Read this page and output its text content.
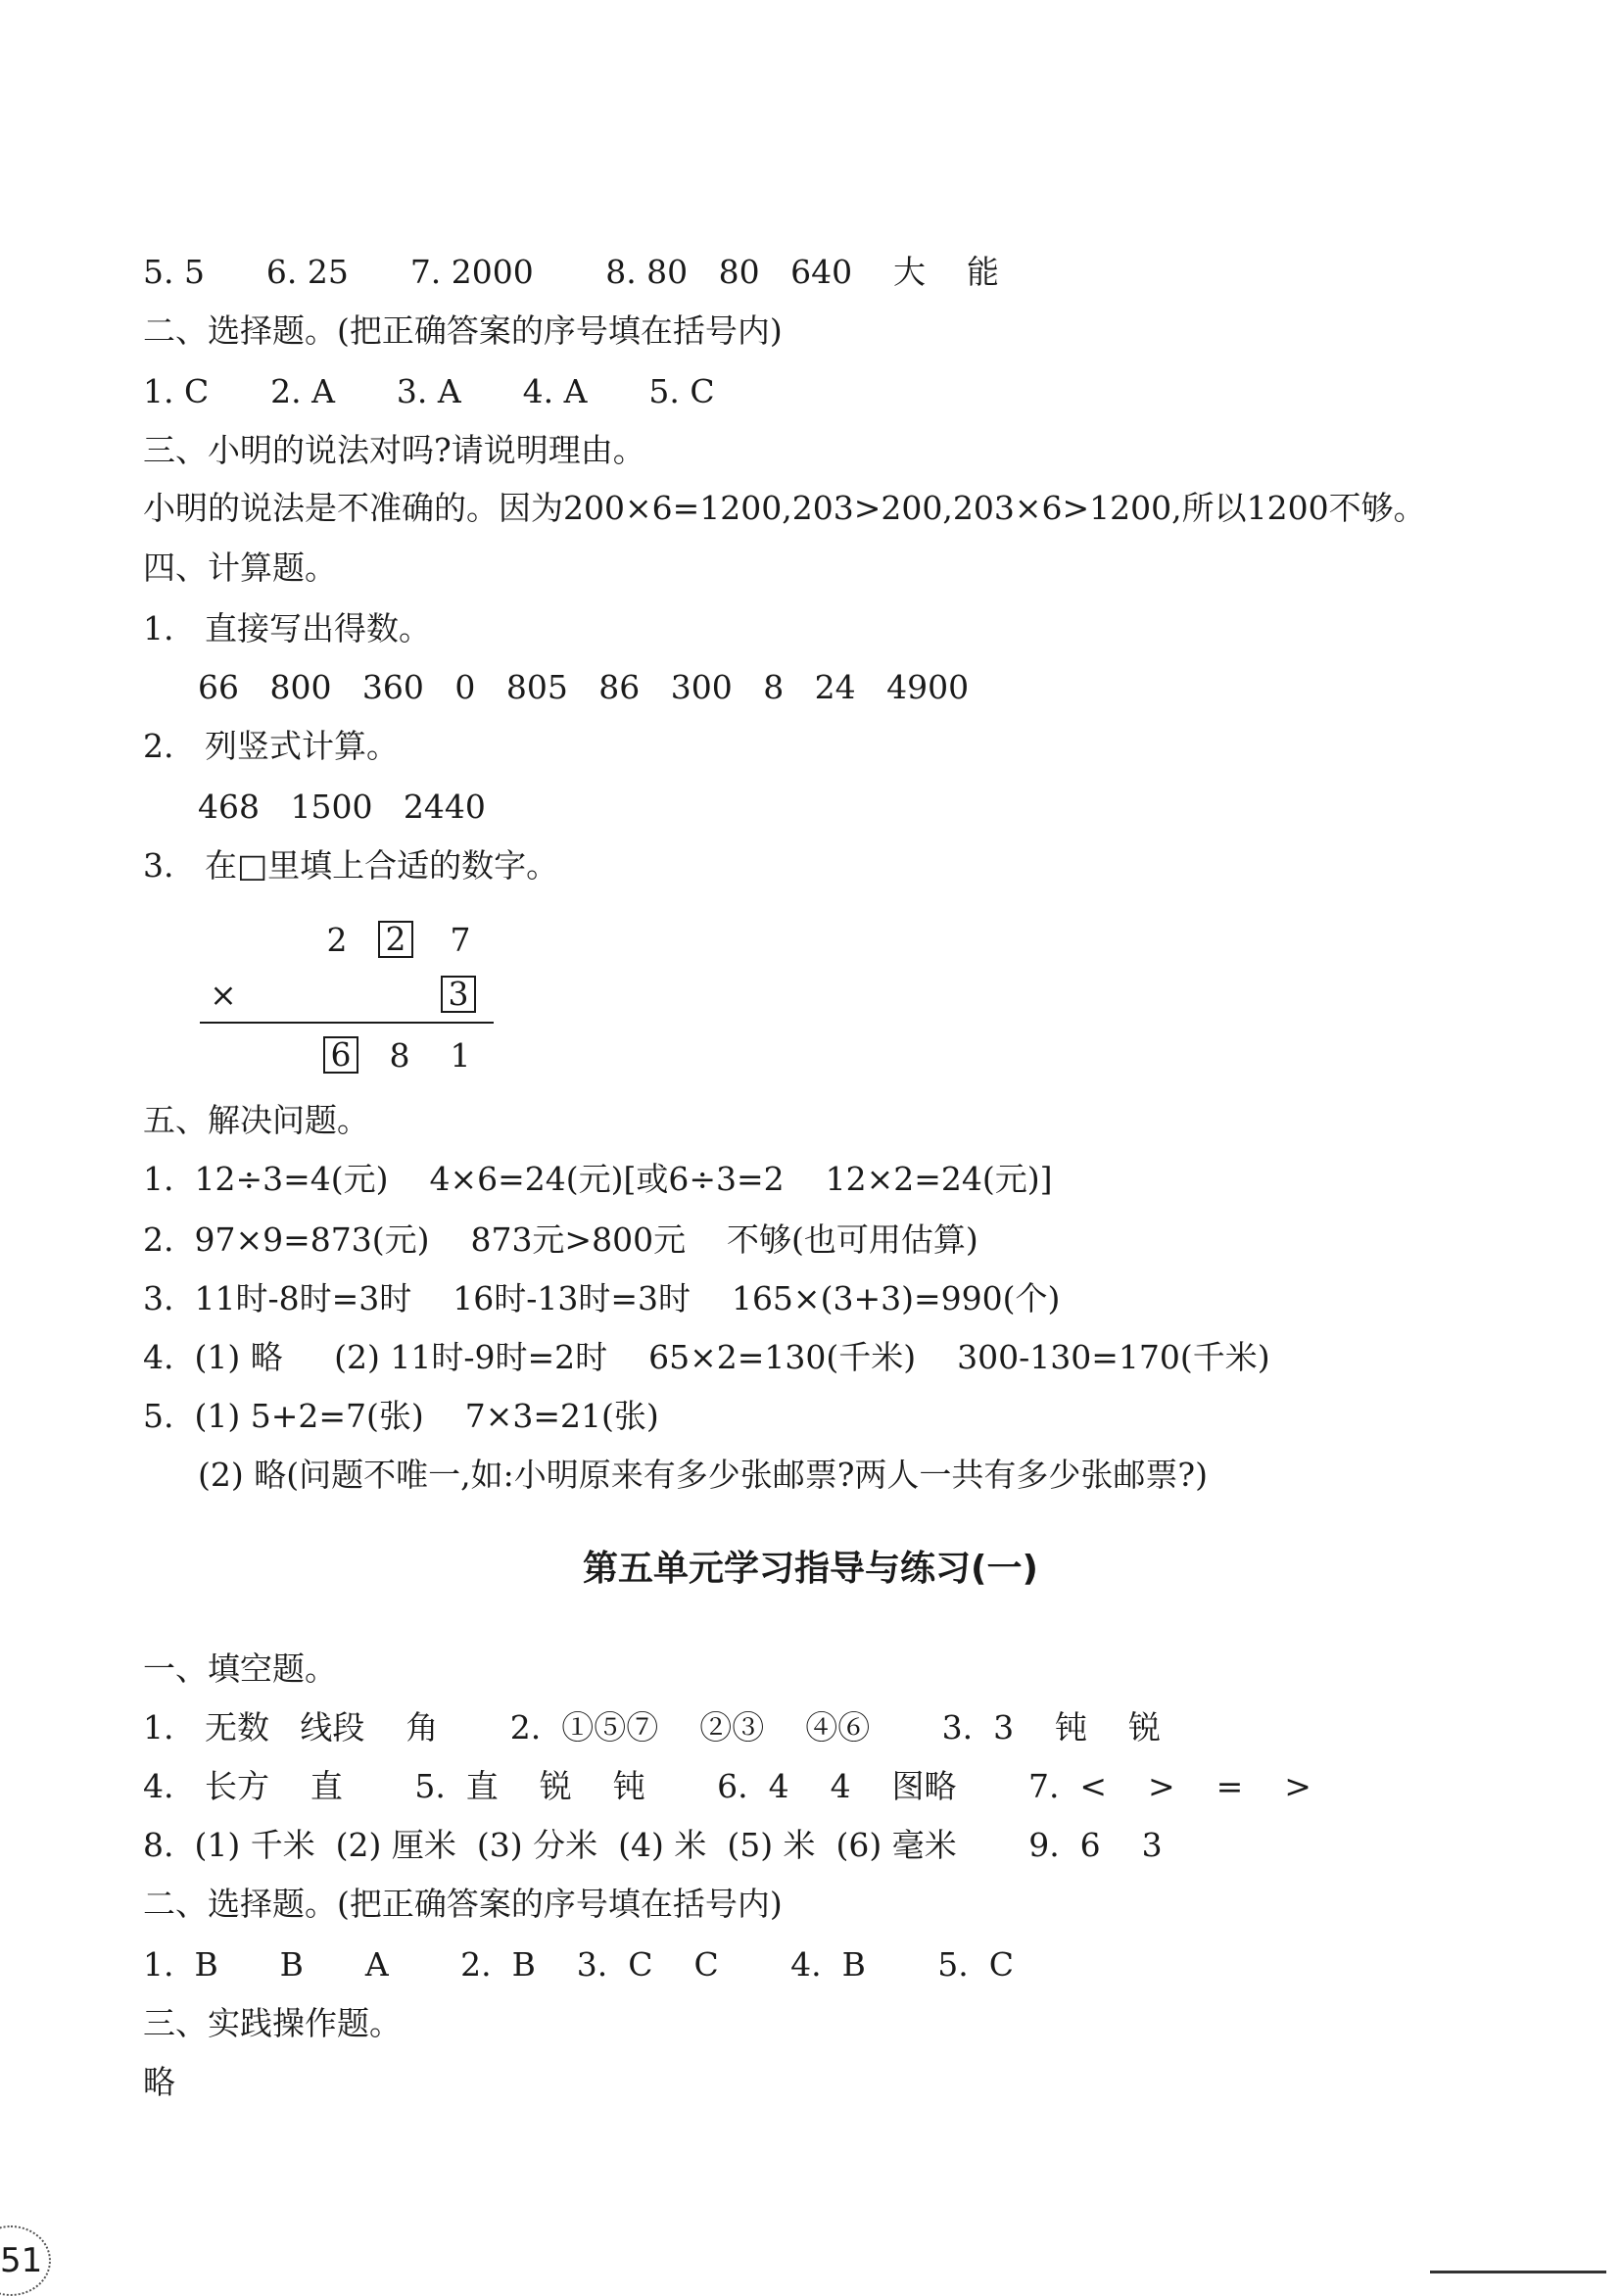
5. 5      6. 25      7. 2000       8. 80   80   640    大    能
二、选择题。(把正确答案的序号填在括号内)
1. C      2. A      3. A      4. A      5. C
三、小明的说法对吗?请说明理由。
小明的说法是不准确的。因为200×6=1200,203>200,203×6>1200,所以1200不够。
四、计算题。
1.   直接写出得数。
66   800   360   0   805   86   300   8   24   4900
2.   列竖式计算。
468   1500   2440
3.   在□里填上合适的数字。
2 2 7
×	3
6 8 1
五、解决问题。
1.  12÷3=4(元)    4×6=24(元)[或6÷3=2    12×2=24(元)]
2.  97×9=873(元)    873元>800元    不够(也可用估算)
3.  11时-8时=3时    16时-13时=3时    165×(3+3)=990(个)
4.  (1) 略     (2) 11时-9时=2时    65×2=130(千米)    300-130=170(千米)
5.  (1) 5+2=7(张)    7×3=21(张)
(2) 略(问题不唯一,如:小明原来有多少张邮票?两人一共有多少张邮票?)
第五单元学习指导与练习(一)
一、填空题。
1.   无数   线段    角       2.  ①⑤⑦    ②③    ④⑥       3.  3    钝    锐
4.   长方    直       5.  直    锐    钝       6.  4    4    图略       7.  <    >    =    >
8.  (1) 千米  (2) 厘米  (3) 分米  (4) 米  (5) 米  (6) 毫米       9.  6    3
二、选择题。(把正确答案的序号填在括号内)
1.  B      B      A       2.  B    3.  C    C       4.  B       5.  C
三、实践操作题。
略
51
